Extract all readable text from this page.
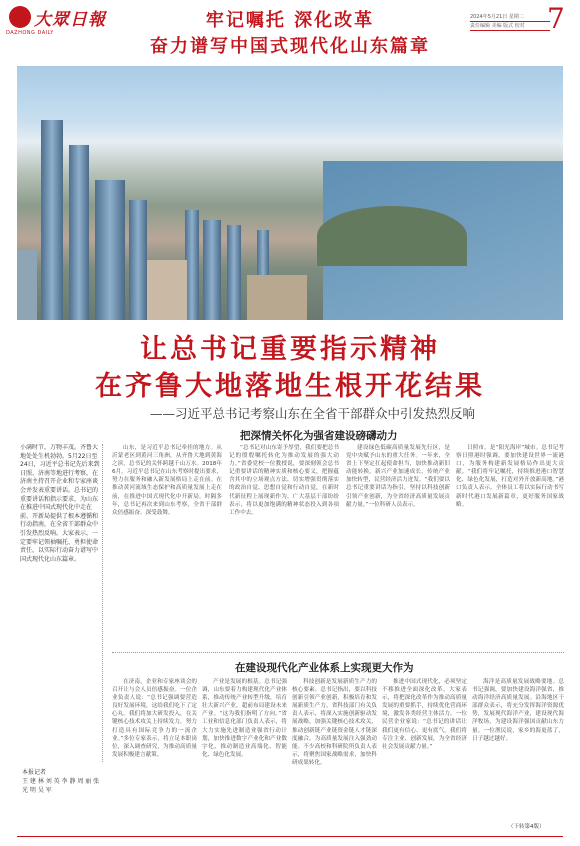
大眾日報
DAZHONG DAILY
牢记嘱托 深化改革
奋力谱写中国式现代化山东篇章
2024年5月21日 星期二
责任编辑 美编 版式 校对 7
让总书记重要指示精神
在齐鲁大地落地生根开花结果
——习近平总书记考察山东在全省干部群众中引发热烈反响
小满时节，万物丰茂。齐鲁大地处处生机勃勃。5月22日至24日，习近平总书记先后来到日照、济南等地进行考察，在济南主持召开企业和专家座谈会并发表重要讲话。总书记的重要讲话和指示要求，为山东在推进中国式现代化中走在前、开新局提供了根本遵循和行动指南，在全省干部群众中引发热烈反响。大家表示，一定要牢记领袖嘱托、勇担使命责任，以实际行动奋力谱写中国式现代化山东篇章。
本报记者
王 建 林 刘 英 李 静 周 丽 张 光 明 吴 军
把深情关怀化为强省建设磅礴动力
山东，是习近平总书记牵挂的地方。从沂蒙老区到黄河三角洲，从齐鲁大地到黄海之滨，总书记的关怀跨越千山万水。2018年6月，习近平总书记在山东考察时提出要求，努力在服务和融入新发展格局上走在前。在推动黄河流域生态保护和高质量发展上走在前，在推进中国式现代化中开新局。时隔多年，总书记再次来到山东考察，全省干部群众倍感振奋、深受鼓舞。
“总书记对山东寄予厚望，我们要把总书记的殷殷嘱托转化为推动发展的强大动力。”省委党校一位教授说，要深刻领会总书记重要讲话的精神实质和核心要义，把握蕴含其中的立场观点方法，切实增强贯彻落实的政治自觉、思想自觉和行动自觉，在新时代新征程上展现新作为。广大基层干部纷纷表示，将以更加饱满的精神状态投入到各项工作中去。
建设绿色低碳高质量发展先行区，是党中央赋予山东的重大任务。一年来，全省上下坚定扛起使命担当，加快推动新旧动能转换，新兴产业加速成长，传统产业加快转型，民营经济活力迸发。“我们要以总书记重要讲话为指引，坚持以科技创新引领产业创新，为全省经济高质量发展贡献力量。”一位科研人员表示。
日照市，是“阳光海岸”城市。总书记考察日照港时强调，要加快建设世界一流港口，为服务构建新发展格局作出更大贡献。“我们将牢记嘱托，持续推进港口智慧化、绿色化发展，打造对外开放新高地。”港口负责人表示，全体员工将以实际行动书写新时代港口发展新篇章，更好服务国家战略。
在建设现代化产业体系上实现更大作为
在济南，企业和专家座谈会的召开让与会人员倍感振奋。一位企业负责人说：“总书记强调要营造良好发展环境，这给我们吃下了定心丸。我们将加大研发投入，在关键核心技术攻关上持续发力，努力打造具有国际竞争力的一流企业。”多位专家表示，将立足本职岗位，深入调查研究，为推动高质量发展积极建言献策。
产业是发展的根基。总书记强调，山东要着力构建现代化产业体系，推动传统产业转型升级，培育壮大新兴产业，超前布局建设未来产业。“这为我们指明了方向。”省工业和信息化部门负责人表示，将大力实施先进制造业强省行动计划，加快推进数字产业化和产业数字化，推动制造业高端化、智能化、绿色化发展。
科技创新是发展新质生产力的核心要素。总书记指出，要以科技创新引领产业创新，积极培育和发展新质生产力。省科技部门有关负责人表示，将深入实施创新驱动发展战略，加强关键核心技术攻关，推动创新链产业链资金链人才链深度融合，为高质量发展注入强劲动能。不少高校和科研院所负责人表示，将聚焦国家战略需求，加快科研成果转化。
推进中国式现代化，必须坚定不移推进全面深化改革。大家表示，将把深化改革作为推动高质量发展的重要抓手，持续优化营商环境，激发各类经营主体活力。一位民营企业家说：“总书记的讲话让我们更有信心、更有底气。我们将专注主业、创新发展，为全省经济社会发展贡献力量。”
海洋是高质量发展战略要地。总书记强调，要加快建设海洋强省，推动海洋经济高质量发展。沿海地区干部群众表示，将充分发挥海洋资源优势，发展现代海洋产业，建设现代海洋牧场，为建设海洋强国贡献山东力量。一位渔民说，家乡的海更蓝了，日子越过越好。
（下转第4版）
